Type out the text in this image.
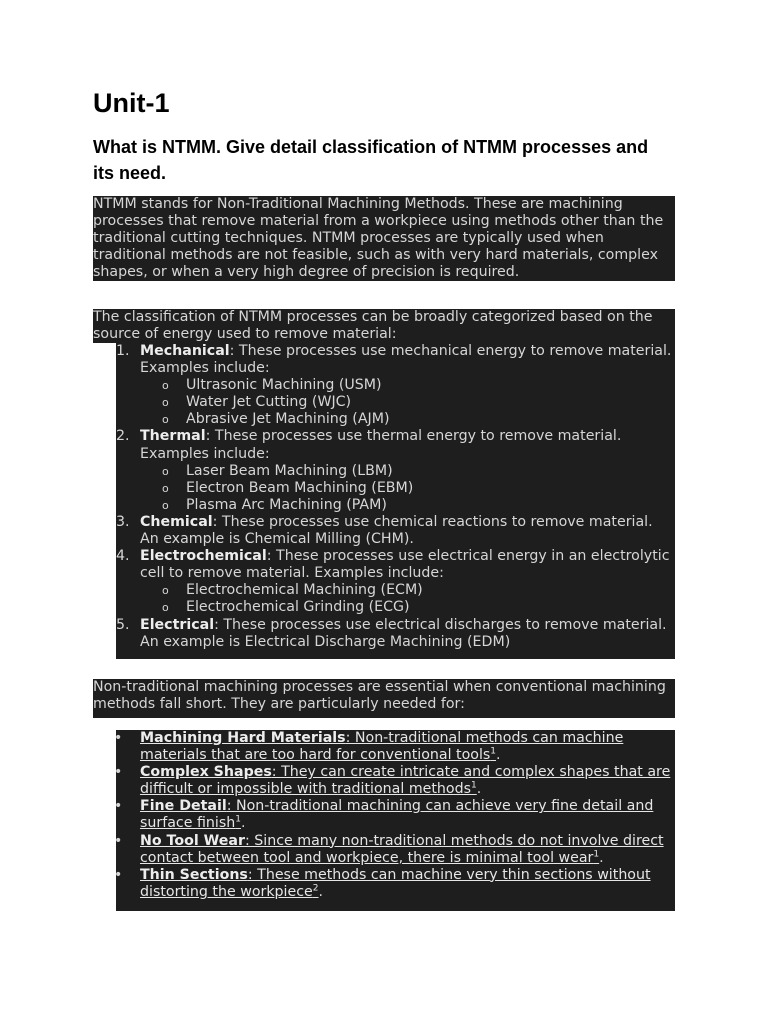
Unit-1
What is NTMM. Give detail classification of NTMM processes and its need.

NTMM stands for Non-Traditional Machining Methods. These are machining processes that remove material from a workpiece using methods other than the traditional cutting techniques. NTMM processes are typically used when traditional methods are not feasible, such as with very hard materials, complex shapes, or when a very high degree of precision is required.

The classification of NTMM processes can be broadly categorized based on the source of energy used to remove material:

1. Mechanical: These processes use mechanical energy to remove material. Examples include:
o Ultrasonic Machining (USM)
o Water Jet Cutting (WJC)
o Abrasive Jet Machining (AJM)
2. Thermal: These processes use thermal energy to remove material. Examples include:
o Laser Beam Machining (LBM)
o Electron Beam Machining (EBM)
o Plasma Arc Machining (PAM)
3. Chemical: These processes use chemical reactions to remove material. An example is Chemical Milling (CHM).
4. Electrochemical: These processes use electrical energy in an electrolytic cell to remove material. Examples include:
o Electrochemical Machining (ECM)
o Electrochemical Grinding (ECG)
5. Electrical: These processes use electrical discharges to remove material. An example is Electrical Discharge Machining (EDM)

Non-traditional machining processes are essential when conventional machining methods fall short. They are particularly needed for:

• Machining Hard Materials: Non-traditional methods can machine materials that are too hard for conventional tools$^1$.
• Complex Shapes: They can create intricate and complex shapes that are difficult or impossible with traditional methods$^1$.
• Fine Detail: Non-traditional machining can achieve very fine detail and surface finish$^1$.
• No Tool Wear: Since many non-traditional methods do not involve direct contact between tool and workpiece, there is minimal tool wear$^1$.
• Thin Sections: These methods can machine very thin sections without distorting the workpiece$^2$.
